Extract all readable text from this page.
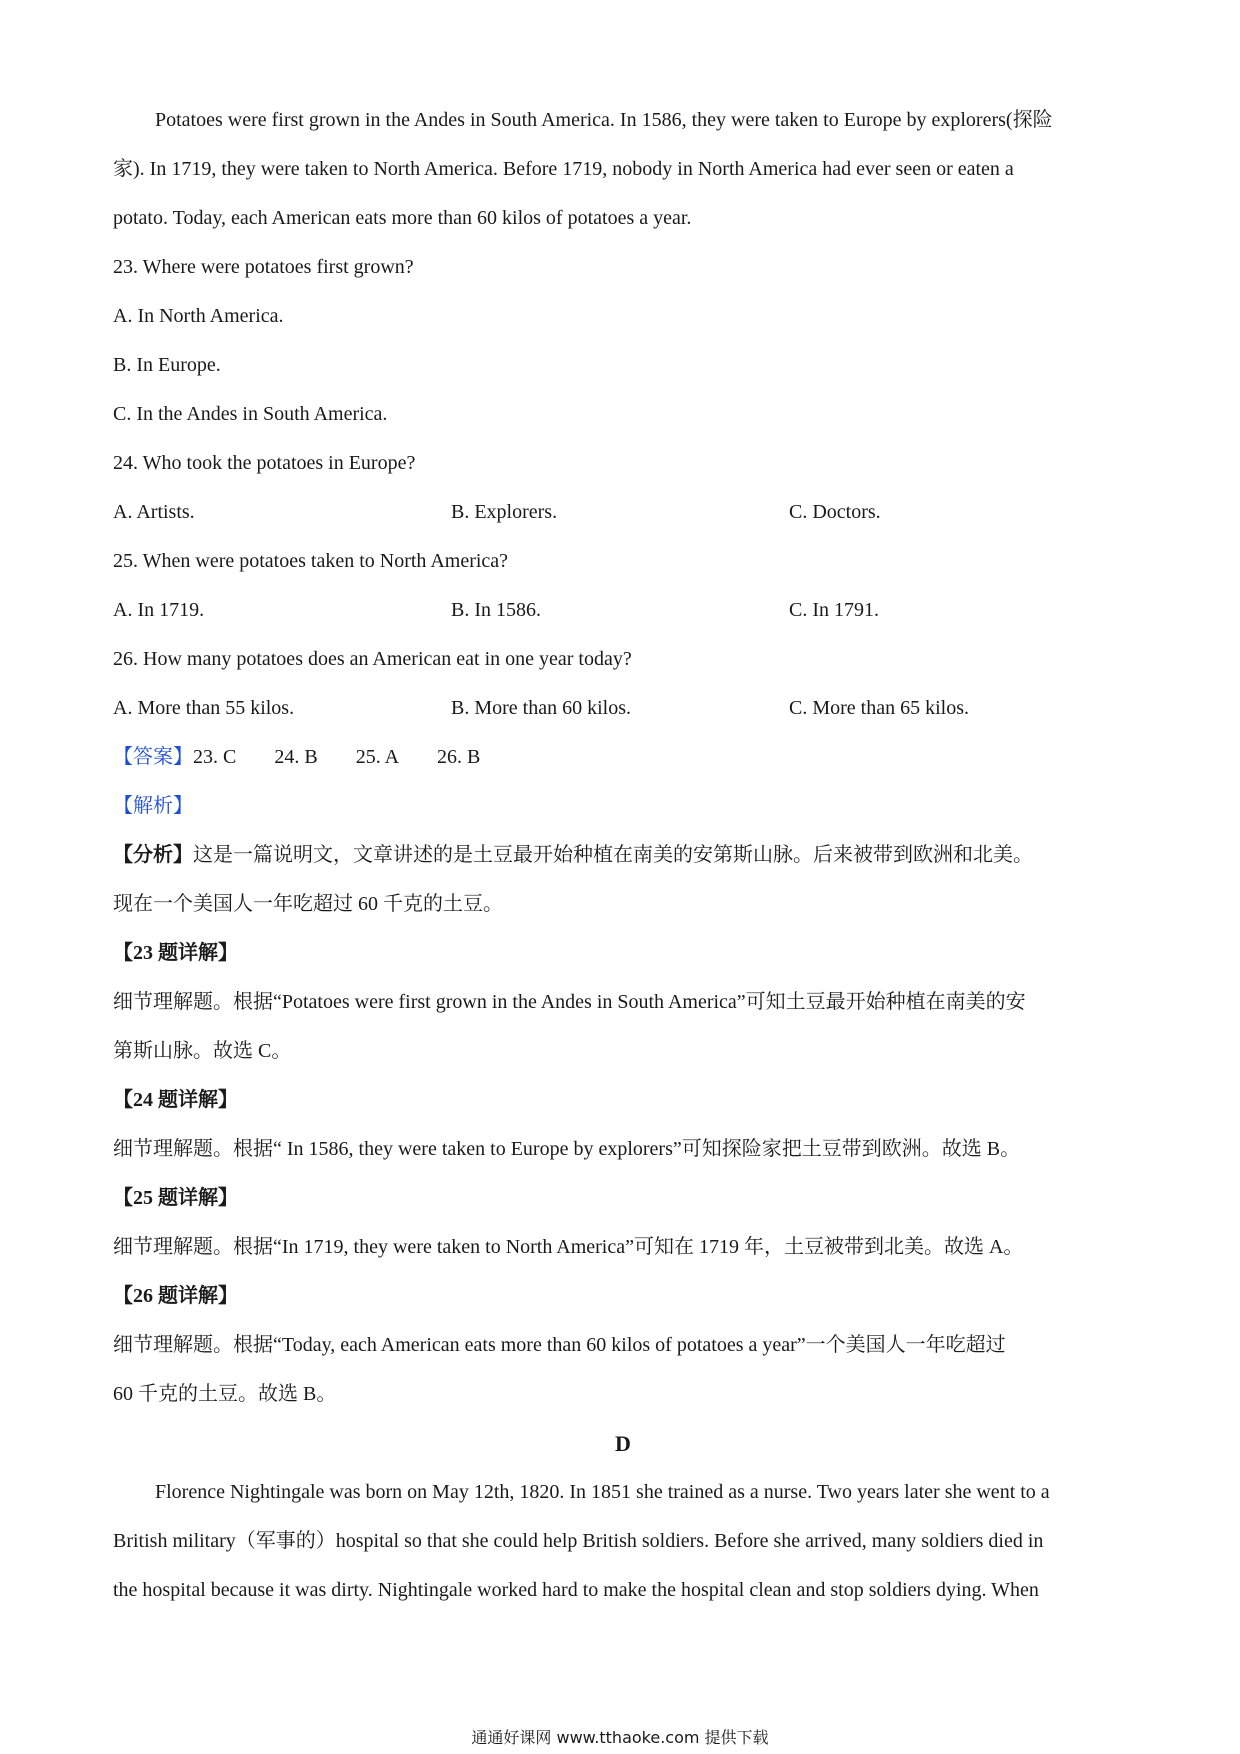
Potatoes were first grown in the Andes in South America. In 1586, they were taken to Europe by explorers(探险
家). In 1719, they were taken to North America. Before 1719, nobody in North America had ever seen or eaten a
potato. Today, each American eats more than 60 kilos of potatoes a year.
23. Where were potatoes first grown?
A. In North America.
B. In Europe.
C. In the Andes in South America.
24. Who took the potatoes in Europe?
A. Artists.	B. Explorers.	C. Doctors.
25. When were potatoes taken to North America?
A. In 1719.	B. In 1586.	C. In 1791.
26. How many potatoes does an American eat in one year today?
A. More than 55 kilos.	B. More than 60 kilos.	C. More than 65 kilos.
【答案】23. C 24. B 25. A 26. B
【解析】
【分析】这是一篇说明文，文章讲述的是土豆最开始种植在南美的安第斯山脉。后来被带到欧洲和北美。
现在一个美国人一年吃超过 60 千克的土豆。
【23 题详解】
细节理解题。根据“Potatoes were first grown in the Andes in South America”可知土豆最开始种植在南美的安
第斯山脉。故选 C。
【24 题详解】
细节理解题。根据“ In 1586, they were taken to Europe by explorers”可知探险家把土豆带到欧洲。故选 B。
【25 题详解】
细节理解题。根据“In 1719, they were taken to North America”可知在 1719 年，土豆被带到北美。故选 A。
【26 题详解】
细节理解题。根据“Today, each American eats more than 60 kilos of potatoes a year”一个美国人一年吃超过
60 千克的土豆。故选 B。
D
Florence Nightingale was born on May 12th, 1820. In 1851 she trained as a nurse. Two years later she went to a
British military（军事的）hospital so that she could help British soldiers. Before she arrived, many soldiers died in
the hospital because it was dirty. Nightingale worked hard to make the hospital clean and stop soldiers dying. When
通通好课网 www.tthaoke.com 提供下载
